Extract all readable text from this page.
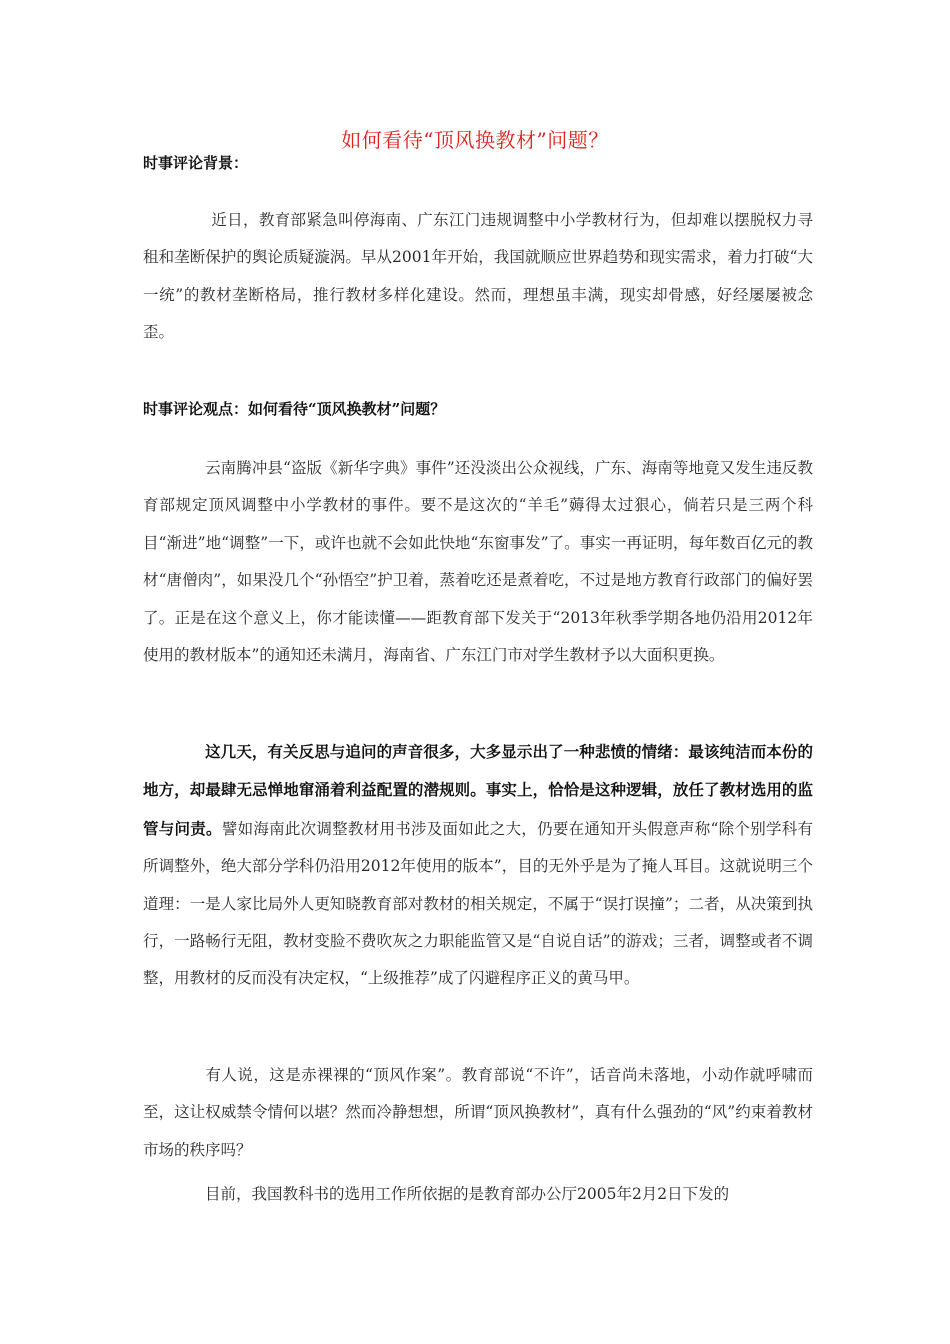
如何看待“顶风换教材”问题？
时事评论背景：
近日，教育部紧急叫停海南、广东江门违规调整中小学教材行为，但却难以摆脱权力寻租和垄断保护的舆论质疑漩涡。早从2001年开始，我国就顺应世界趋势和现实需求，着力打破“大一统”的教材垄断格局，推行教材多样化建设。然而，理想虽丰满，现实却骨感，好经屡屡被念歪。
时事评论观点：如何看待“顶风换教材”问题？
云南腾冲县“盗版《新华字典》事件”还没淡出公众视线，广东、海南等地竟又发生违反教育部规定顶风调整中小学教材的事件。要不是这次的“羊毛”薅得太过狠心，倘若只是三两个科目“渐进”地“调整”一下，或许也就不会如此快地“东窗事发”了。事实一再证明，每年数百亿元的教材“唐僧肉”，如果没几个“孙悟空”护卫着，蒸着吃还是煮着吃，不过是地方教育行政部门的偏好罢了。正是在这个意义上，你才能读懂——距教育部下发关于“2013年秋季学期各地仍沿用2012年使用的教材版本”的通知还未满月，海南省、广东江门市对学生教材予以大面积更换。
这几天，有关反思与追问的声音很多，大多显示出了一种悲愤的情绪：最该纯洁而本份的地方，却最肆无忌惮地窜涌着利益配置的潜规则。事实上，恰恰是这种逻辑，放任了教材选用的监管与问责。譬如海南此次调整教材用书涉及面如此之大，仍要在通知开头假意声称“除个别学科有所调整外，绝大部分学科仍沿用2012年使用的版本”，目的无外乎是为了掩人耳目。这就说明三个道理：一是人家比局外人更知晓教育部对教材的相关规定，不属于“误打误撞”；二者，从决策到执行，一路畅行无阻，教材变脸不费吹灰之力职能监管又是“自说自话”的游戏；三者，调整或者不调整，用教材的反而没有决定权，“上级推荐”成了闪避程序正义的黄马甲。
有人说，这是赤裸裸的“顶风作案”。教育部说“不许”，话音尚未落地，小动作就呼啸而至，这让权威禁令情何以堪？然而冷静想想，所谓“顶风换教材”，真有什么强劲的“风”约束着教材市场的秩序吗？
目前，我国教科书的选用工作所依据的是教育部办公厅2005年2月2日下发的
